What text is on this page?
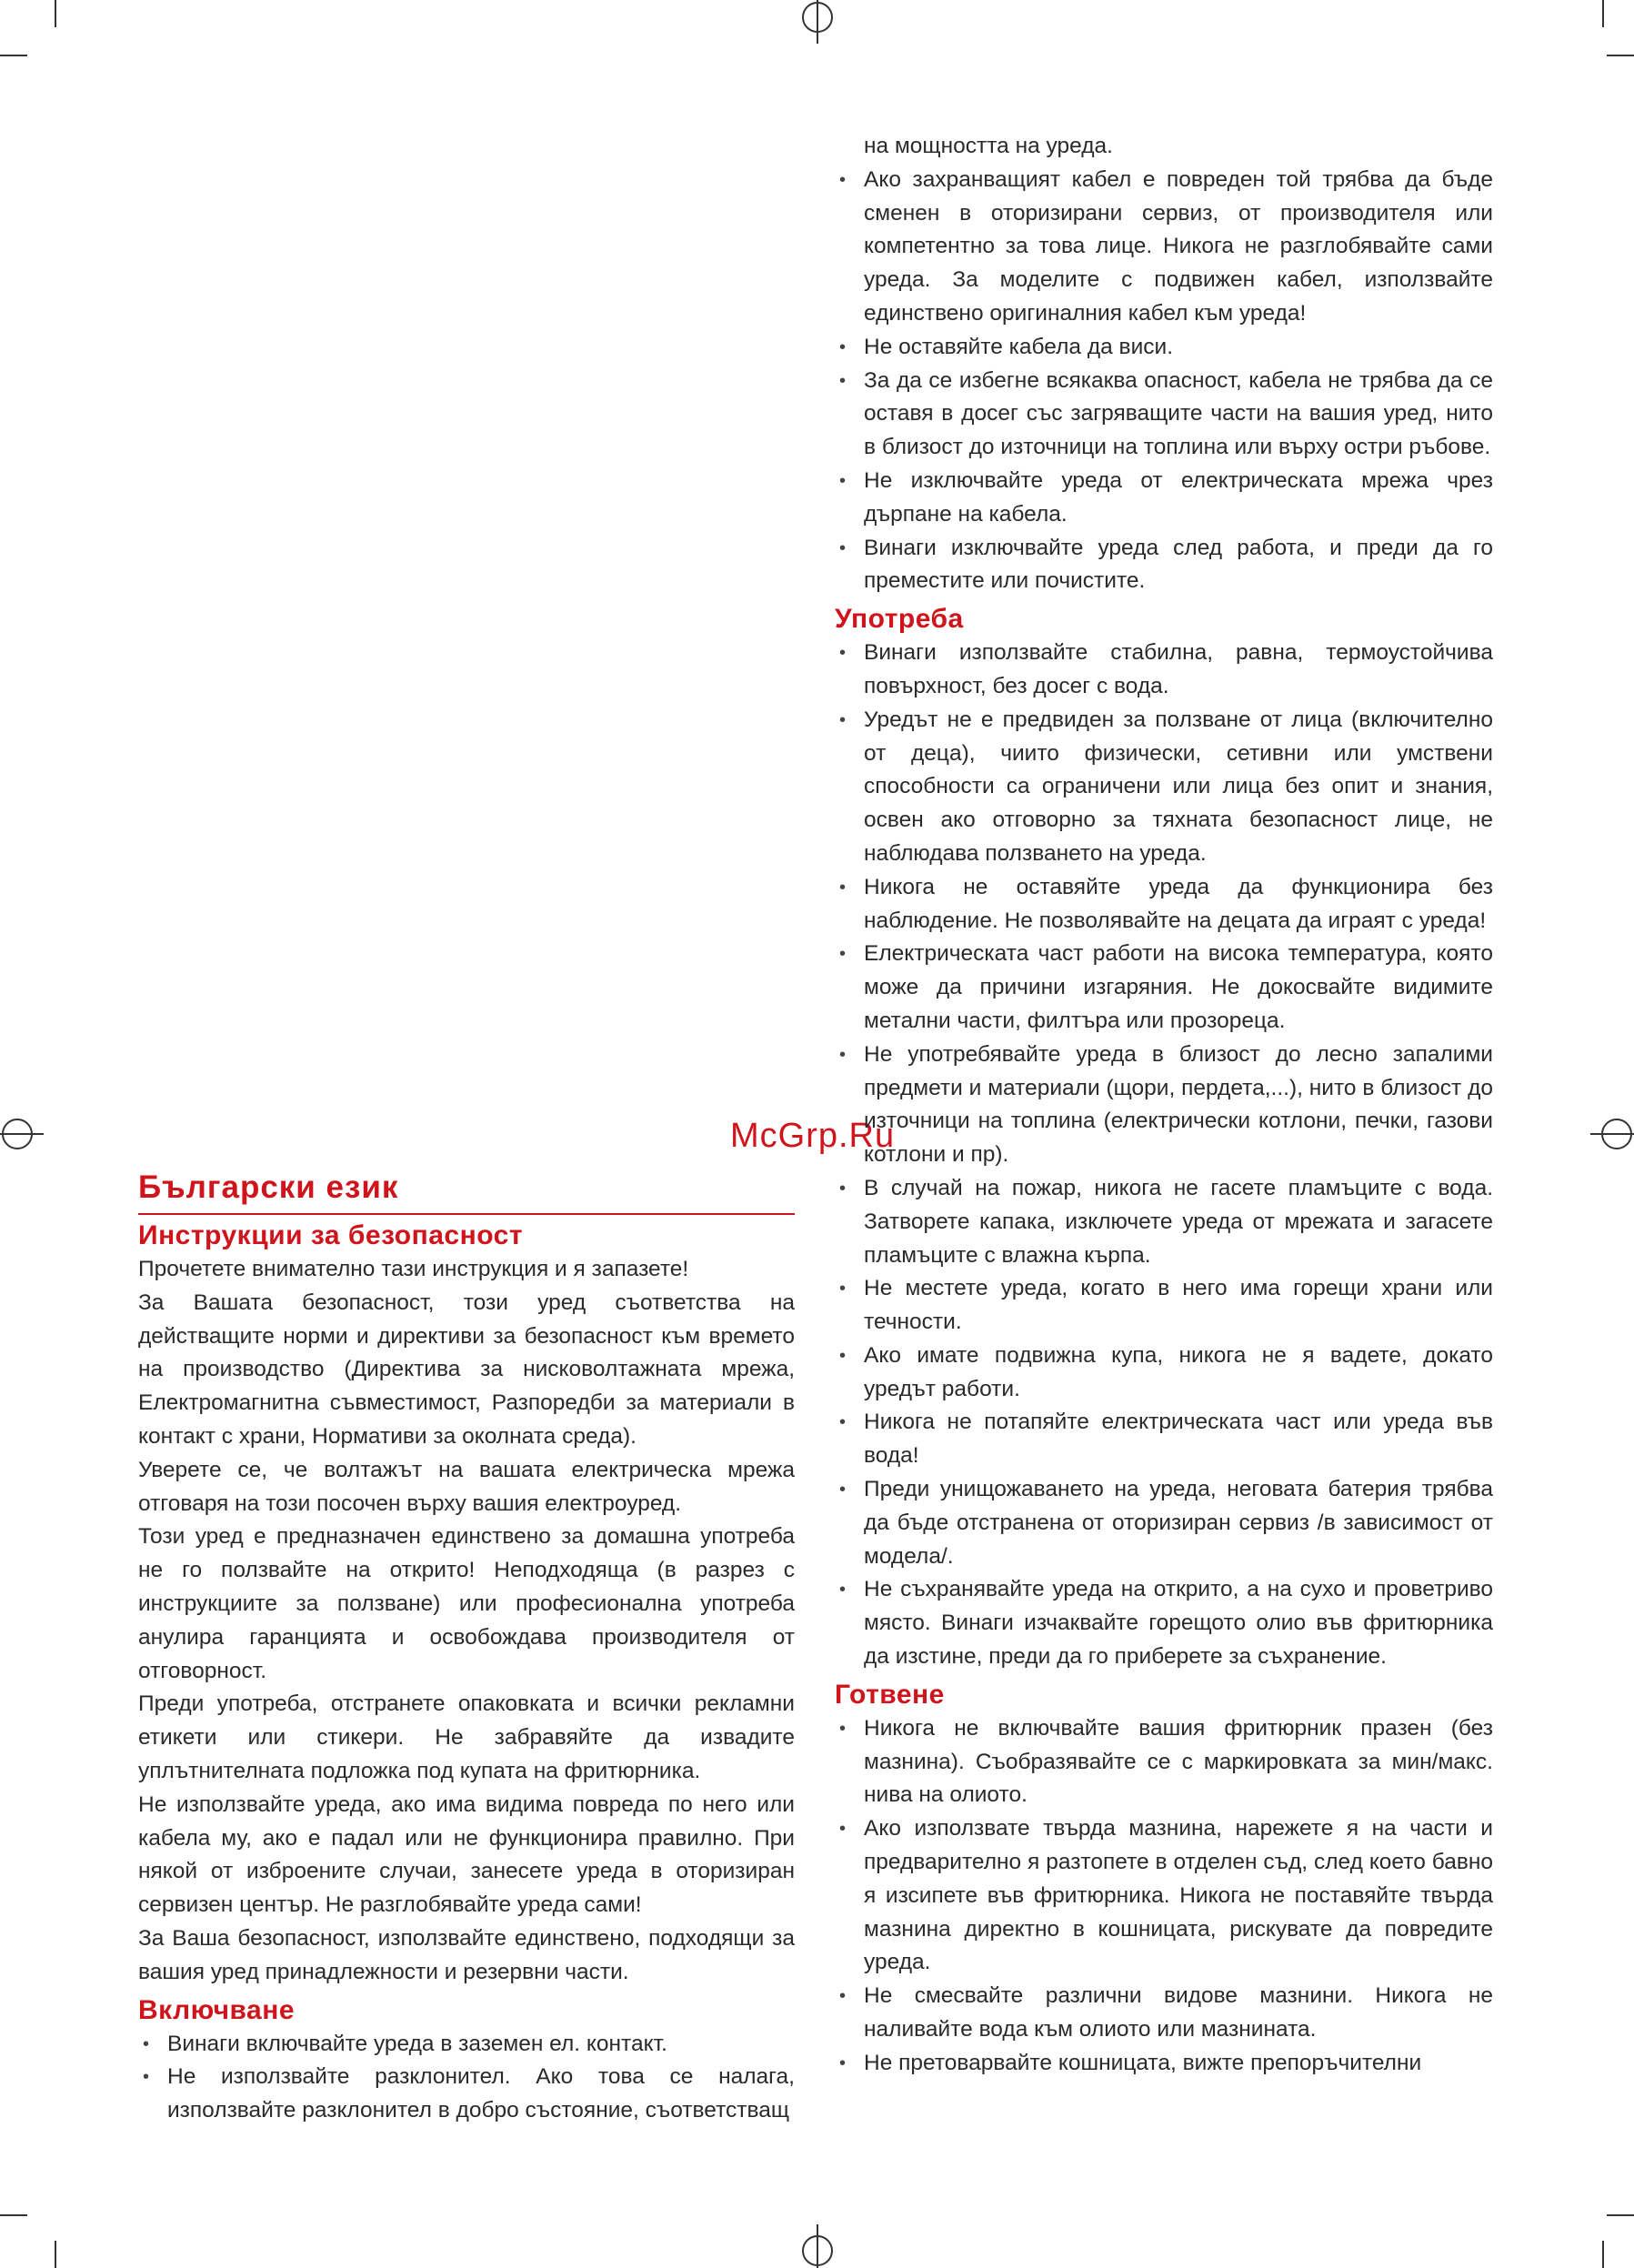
McGrp.Ru

на мощността на уреда.

• Ако захранващият кабел е повреден той трябва да бъде сменен в оторизирани сервиз, от производителя или компетентно за това лице. Никога не разглобявайте сами уреда. За моделите с подвижен кабел, използвайте единствено оригиналния кабел към уреда!
• Не оставяйте кабела да виси.
• За да се избегне всякаква опасност, кабела не трябва да се оставя в досег със загряващите части на вашия уред, нито в близост до източници на топлина или върху остри ръбове.
• Не изключвайте уреда от електрическата мрежа чрез дърпане на кабела.
• Винаги изключвайте уреда след работа, и преди да го преместите или почистите.
Употреба
• Винаги използвайте стабилна, равна, термоустойчива повърхност, без досег с вода.
• Уредът не е предвиден за ползване от лица (включително от деца), чиито физически, сетивни или умствени способности са ограничени или лица без опит и знания, освен ако отговорно за тяхната безопасност лице, не наблюдава ползването на уреда.
• Никога не оставяйте уреда да функционира без наблюдение. Не позволявайте на децата да играят с уреда!
• Електрическата част работи на висока температура, която може да причини изгаряния. Не докосвайте видимите метални части, филтъра или прозореца.
• Не употребявайте уреда в близост до лесно запалими предмети и материали (щори, пердета,...), нито в близост до източници на топлина (електрически котлони, печки, газови котлони и пр).
• В случай на пожар, никога не гасете пламъците с вода. Затворете капака, изключете уреда от мрежата и загасете пламъците с влажна кърпа.
• Не местете уреда, когато в него има горещи храни или течности.
• Ако имате подвижна купа, никога не я вадете, докато уредът работи.
• Никога не потапяйте електрическата част или уреда във вода!
• Преди унищожаването на уреда, неговата батерия трябва да бъде отстранена от оторизиран сервиз /в зависимост от модела/.
• Не съхранявайте уреда на открито, а на сухо и проветриво място. Винаги изчаквайте горещото олио във фритюрника да изстине, преди да го приберете за съхранение.
Готвене
• Никога не включвайте вашия фритюрник празен (без мазнина). Съобразявайте се с маркировката за мин/макс. нива на олиото.
• Ако използвате твърда мазнина, нарежете я на части и предварително я разтопете в отделен съд, след което бавно я изсипете във фритюрника. Никога не поставяйте твърда мазнина директно в кошницата, рискувате да повредите уреда.
• Не смесвайте различни видове мазнини. Никога не наливайте вода към олиото или мазнината.
• Не претоварвайте кошницата, вижте препоръчителни
Български език
Инструкции за безопасност

Прочетете внимателно тази инструкция и я запазете!

За Вашата безопасност, този уред съответства на действащите норми и директиви за безопасност към времето на производство (Директива за нисковолтажната мрежа, Електромагнитна съвместимост, Разпоредби за материали в контакт с храни, Нормативи за околната среда).

Уверете се, че волтажът на вашата електрическа мрежа отговаря на този посочен върху вашия електроуред.

Този уред е предназначен единствено за домашна употреба не го ползвайте на открито! Неподходяща (в разрез с инструкциите за ползване) или професионална употреба анулира гаранцията и освобождава производителя от отговорност.

Преди употреба, отстранете опаковката и всички рекламни етикети или стикери. Не забравяйте да извадите уплътнителната подложка под купата на фритюрника.

Не използвайте уреда, ако има видима повреда по него или кабела му, ако е падал или не функционира правилно. При някой от изброените случаи, занесете уреда в оторизиран сервизен център. Не разглобявайте уреда сами!

За Ваша безопасност, използвайте единствено, подходящи за вашия уред принадлежности и резервни части.

Включване
• Винаги включвайте уреда в заземен ел. контакт.
• Не използвайте разклонител. Ако това се налага, използвайте разклонител в добро състояние, съответстващ
